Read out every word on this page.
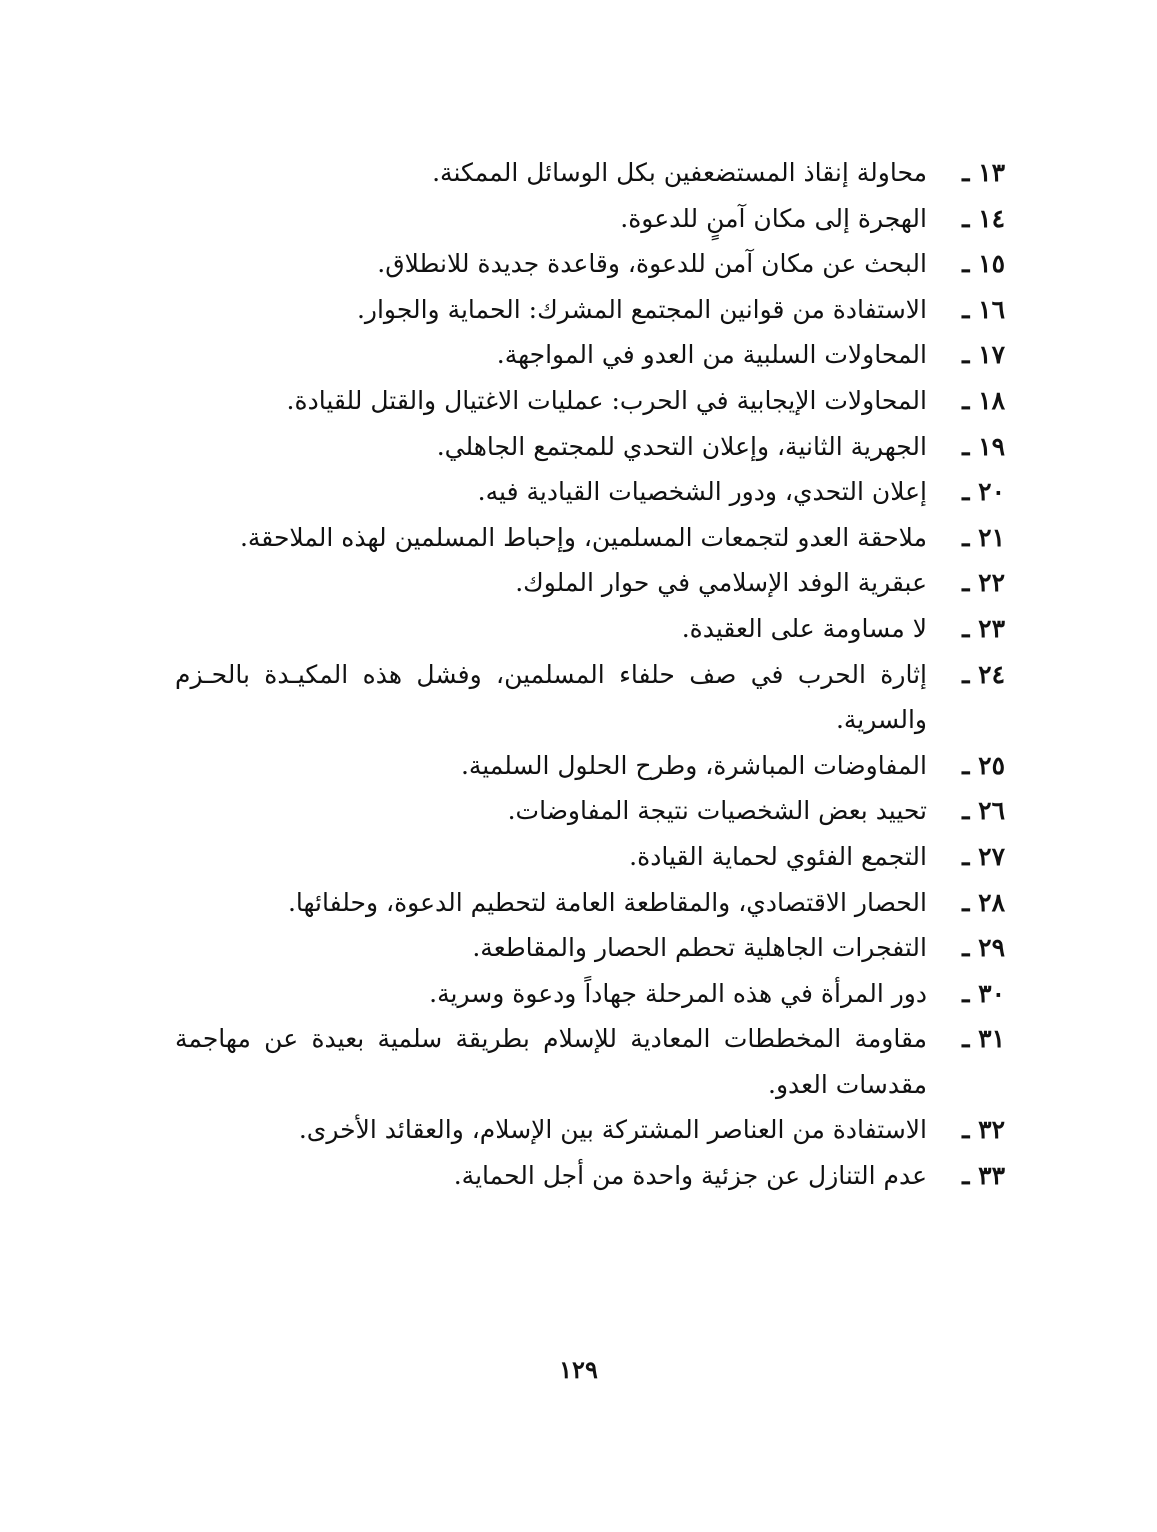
١٣ ـ
محاولة إنقاذ المستضعفين بكل الوسائل الممكنة.
١٤ ـ
الهجرة إلى مكان آمنٍ للدعوة.
١٥ ـ
البحث عن مكان آمن للدعوة، وقاعدة جديدة للانطلاق.
١٦ ـ
الاستفادة من قوانين المجتمع المشرك: الحماية والجوار.
١٧ ـ
المحاولات السلبية من العدو في المواجهة.
١٨ ـ
المحاولات الإيجابية في الحرب: عمليات الاغتيال والقتل للقيادة.
١٩ ـ
الجهرية الثانية، وإعلان التحدي للمجتمع الجاهلي.
٢٠ ـ
إعلان التحدي، ودور الشخصيات القيادية فيه.
٢١ ـ
ملاحقة العدو لتجمعات المسلمين، وإحباط المسلمين لهذه الملاحقة.
٢٢ ـ
عبقرية الوفد الإسلامي في حوار الملوك.
٢٣ ـ
لا مساومة على العقيدة.
٢٤ ـ
إثارة الحرب في صف حلفاء المسلمين، وفشل هذه المكيـدة بالحـزم والسرية.
٢٥ ـ
المفاوضات المباشرة، وطرح الحلول السلمية.
٢٦ ـ
تحييد بعض الشخصيات نتيجة المفاوضات.
٢٧ ـ
التجمع الفئوي لحماية القيادة.
٢٨ ـ
الحصار الاقتصادي، والمقاطعة العامة لتحطيم الدعوة، وحلفائها.
٢٩ ـ
التفجرات الجاهلية تحطم الحصار والمقاطعة.
٣٠ ـ
دور المرأة في هذه المرحلة جهاداً ودعوة وسرية.
٣١ ـ
مقاومة المخططات المعادية للإسلام بطريقة سلمية بعيدة عن مهاجمة مقدسات العدو.
٣٢ ـ
الاستفادة من العناصر المشتركة بين الإسلام، والعقائد الأخرى.
٣٣ ـ
عدم التنازل عن جزئية واحدة من أجل الحماية.
١٢٩
